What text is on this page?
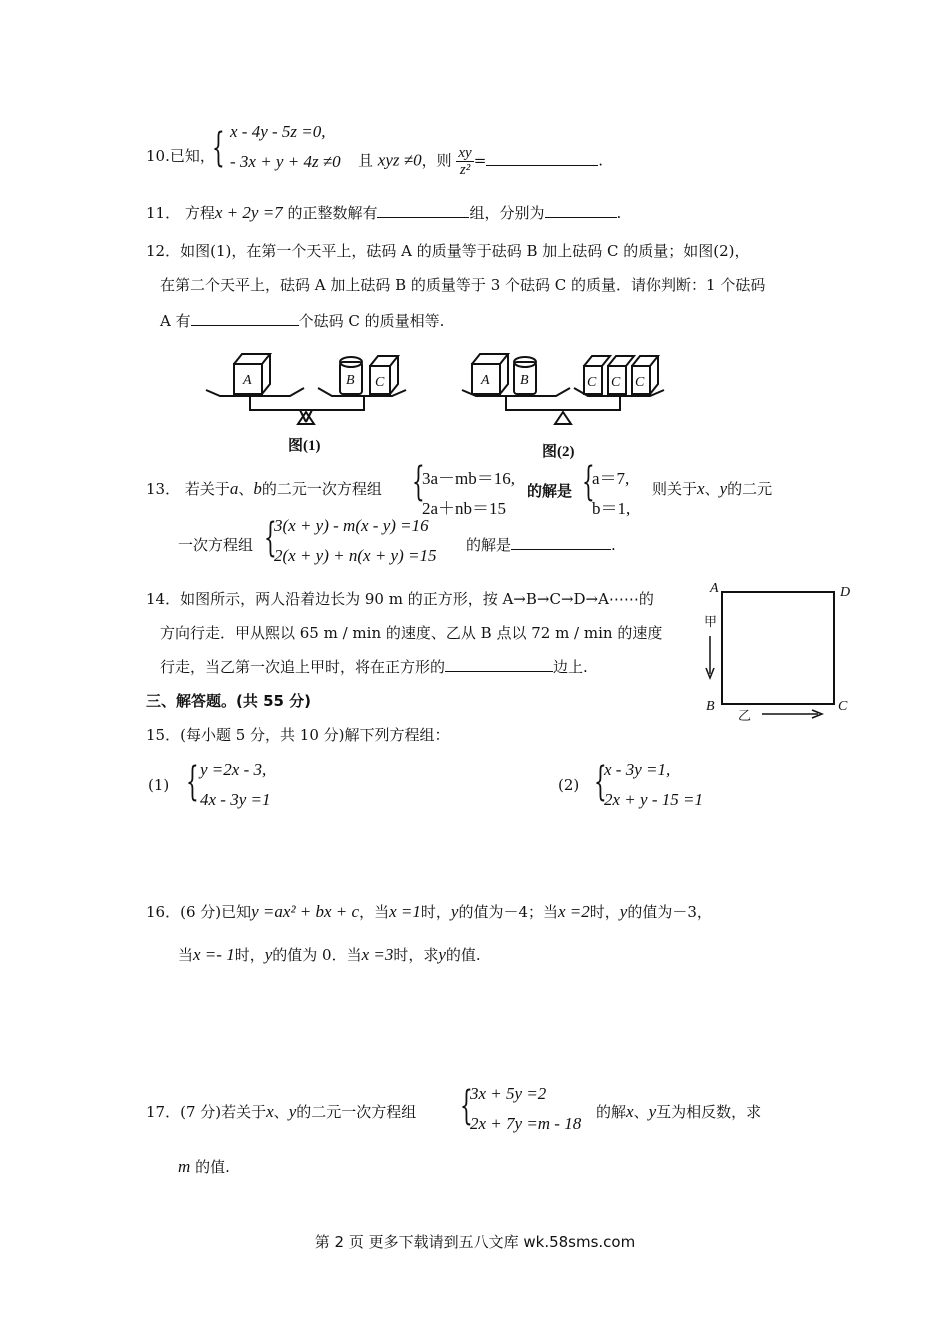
10.已知，
{ x - 4y - 5z =0,
- 3x + y + 4z ≠0 且 xyz ≠0，则 $\frac{xy}{\text{z²}}$ =	.
11． 方程x + 2y =7 的正整数解有	组，分别为	.
12．如图(1)，在第一个天平上，砝码 A 的质量等于砝码 B 加上砝码 C 的质量；如图(2)，
在第二个天平上，砝码 A 加上砝码 B 的质量等于 3 个砝码 C 的质量．请你判断：1 个砝码
A 有	个砝码 C 的质量相等.
A	B C	A B	C C C
图(1)	图(2)
13． 若关于a、b的二元一次方程组 {
3a－mb＝16,
2a＋nb＝15
的解是 {
a＝7,
b＝1,
则关于x、y的二元
一次方程组 {
3(x + y) - m(x - y) =16
2(x + y) + n(x + y) =15
的解是	.
14．如图所示，两人沿着边长为 90 m 的正方形，按 A→B→C→D→A⋯⋯的
方向行走．甲从熙以 65 m / min 的速度、乙从 B 点以 72 m / min 的速度
行走，当乙第一次追上甲时，将在正方形的	边上.
A	D
B	C
甲
乙
三、解答题。(共 55 分)
15．(每小题 5 分，共 10 分)解下列方程组：
(1) { y =2x - 3,
4x - 3y =1
(2) {
x - 3y =1,
2x + y - 15 =1
16．(6 分)已知y =ax² + bx + c，当x =1时，y的值为－4；当x =2时，y的值为－3，
当x =- 1时，y的值为 0．当x =3时，求y的值.
17．(7 分)若关于x、y的二元一次方程组 {
3x + 5y =2
2x + 7y =m - 18
的解x、y互为相反数，求
m 的值.
第 2 页 更多下载请到五八文库 wk.58sms.com
